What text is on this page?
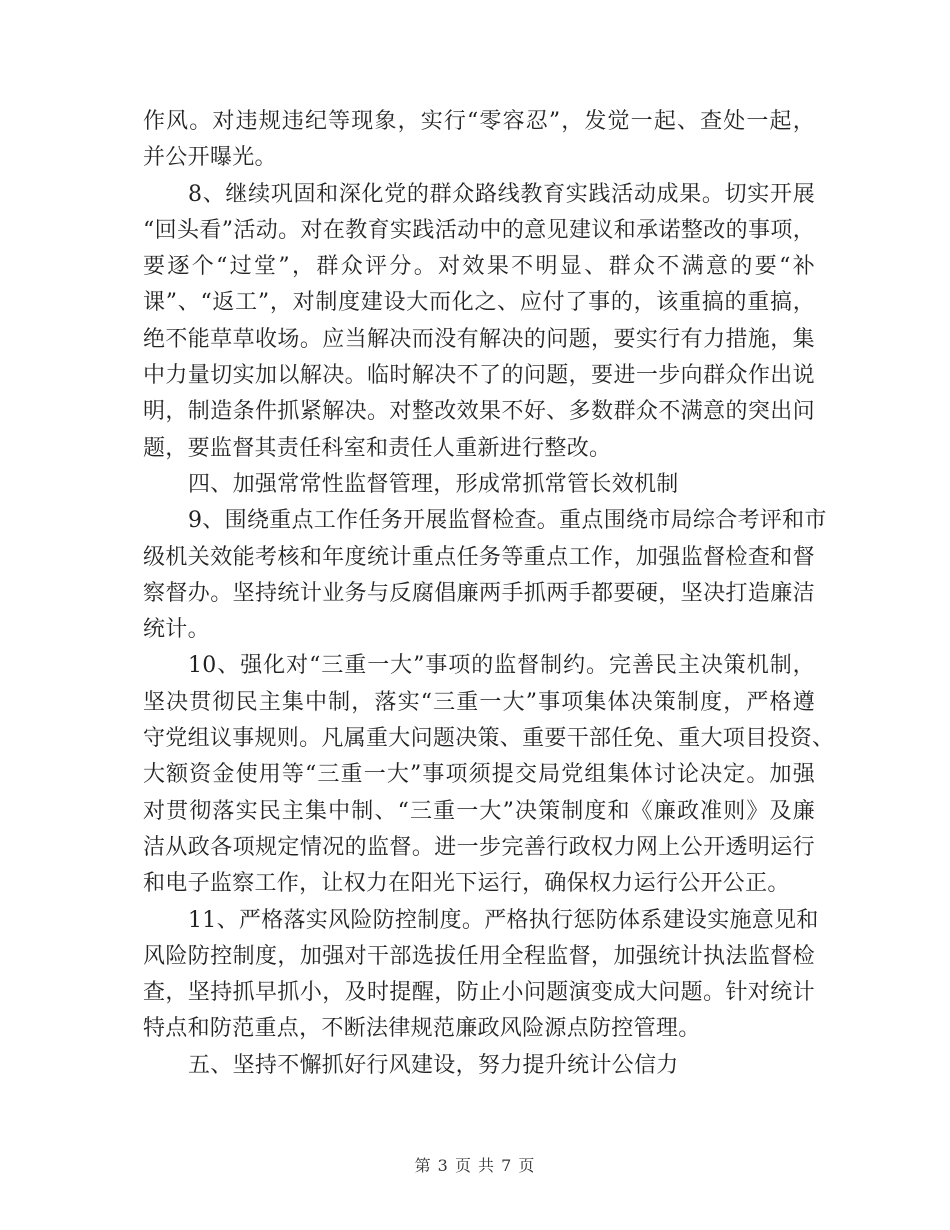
作风。对违规违纪等现象，实行“零容忍”，发觉一起、查处一起，
并公开曝光。
8、继续巩固和深化党的群众路线教育实践活动成果。切实开展
“回头看”活动。对在教育实践活动中的意见建议和承诺整改的事项，
要逐个“过堂”，群众评分。对效果不明显、群众不满意的要“补
课”、“返工”，对制度建设大而化之、应付了事的，该重搞的重搞，
绝不能草草收场。应当解决而没有解决的问题，要实行有力措施，集
中力量切实加以解决。临时解决不了的问题，要进一步向群众作出说
明，制造条件抓紧解决。对整改效果不好、多数群众不满意的突出问
题，要监督其责任科室和责任人重新进行整改。
四、加强常常性监督管理，形成常抓常管长效机制
9、围绕重点工作任务开展监督检查。重点围绕市局综合考评和市
级机关效能考核和年度统计重点任务等重点工作，加强监督检查和督
察督办。坚持统计业务与反腐倡廉两手抓两手都要硬，坚决打造廉洁
统计。
10、强化对“三重一大”事项的监督制约。完善民主决策机制，
坚决贯彻民主集中制，落实“三重一大”事项集体决策制度，严格遵
守党组议事规则。凡属重大问题决策、重要干部任免、重大项目投资、
大额资金使用等“三重一大”事项须提交局党组集体讨论决定。加强
对贯彻落实民主集中制、“三重一大”决策制度和《廉政准则》及廉
洁从政各项规定情况的监督。进一步完善行政权力网上公开透明运行
和电子监察工作，让权力在阳光下运行，确保权力运行公开公正。
11、严格落实风险防控制度。严格执行惩防体系建设实施意见和
风险防控制度，加强对干部选拔任用全程监督，加强统计执法监督检
查，坚持抓早抓小，及时提醒，防止小问题演变成大问题。针对统计
特点和防范重点，不断法律规范廉政风险源点防控管理。
五、坚持不懈抓好行风建设，努力提升统计公信力
第 3 页 共 7 页
